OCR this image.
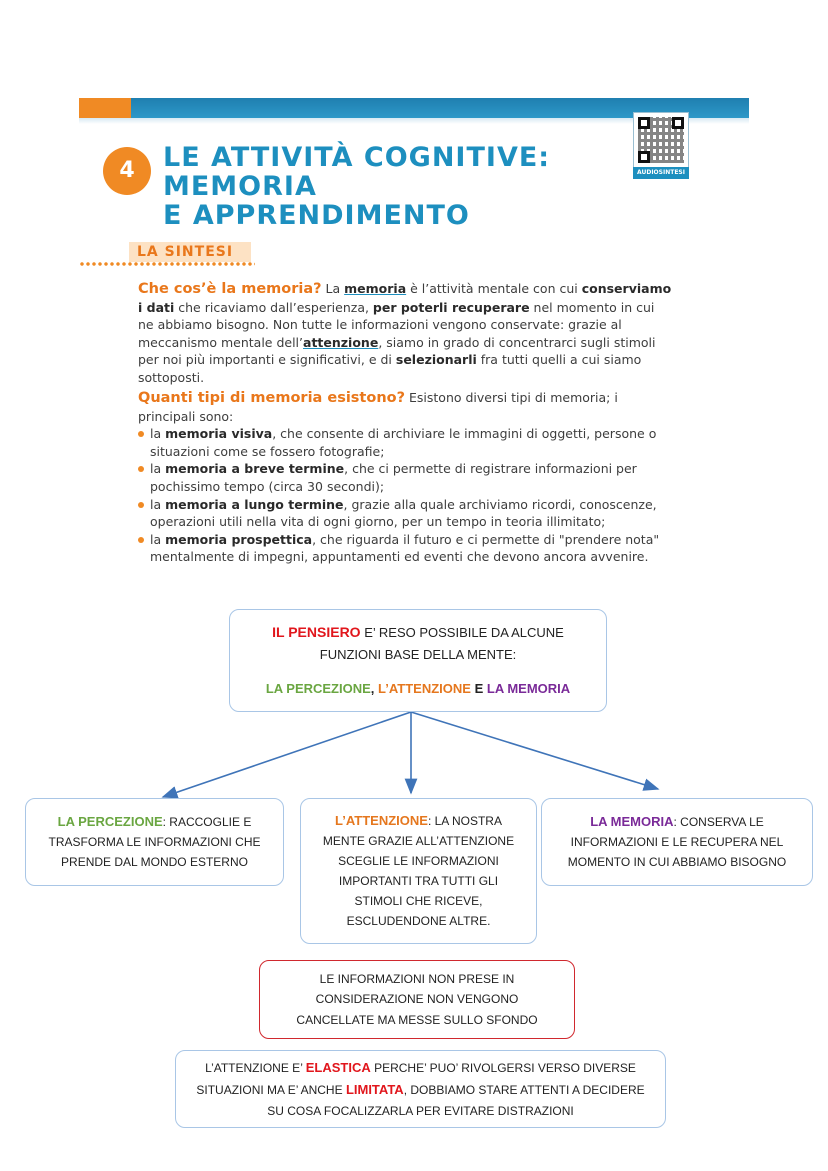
4	LE ATTIVITÀ COGNITIVE:
MEMORIA
E APPRENDIMENTO
AUDIOSINTESI
LA SINTESI
Che cos’è la memoria? La memoria è l’attività mentale con cui conserviamo i dati che ricaviamo dall’esperienza, per poterli recuperare nel momento in cui ne abbiamo bisogno. Non tutte le informazioni vengono conservate: grazie al meccanismo mentale dell’attenzione, siamo in grado di concentrarci sugli stimoli per noi più importanti e significativi, e di selezionarli fra tutti quelli a cui siamo sottoposti.
Quanti tipi di memoria esistono? Esistono diversi tipi di memoria; i principali sono:
la memoria visiva, che consente di archiviare le immagini di oggetti, persone o situazioni come se fossero fotografie;
la memoria a breve termine, che ci permette di registrare informazioni per pochissimo tempo (circa 30 secondi);
la memoria a lungo termine, grazie alla quale archiviamo ricordi, conoscenze, operazioni utili nella vita di ogni giorno, per un tempo in teoria illimitato;
la memoria prospettica, che riguarda il futuro e ci permette di "prendere nota" mentalmente di impegni, appuntamenti ed eventi che devono ancora avvenire.

IL PENSIERO E’ RESO POSSIBILE DA ALCUNE FUNZIONI BASE DELLA MENTE:

LA PERCEZIONE, L’ATTENZIONE E LA MEMORIA

LA PERCEZIONE: RACCOGLIE E TRASFORMA LE INFORMAZIONI CHE PRENDE DAL MONDO ESTERNO

L’ATTENZIONE: LA NOSTRA MENTE GRAZIE ALL’ATTENZIONE SCEGLIE LE INFORMAZIONI IMPORTANTI TRA TUTTI GLI STIMOLI CHE RICEVE, ESCLUDENDONE ALTRE.

LA MEMORIA: CONSERVA LE INFORMAZIONI E LE RECUPERA NEL MOMENTO IN CUI ABBIAMO BISOGNO

LE INFORMAZIONI NON PRESE IN CONSIDERAZIONE NON VENGONO CANCELLATE MA MESSE SULLO SFONDO

L’ATTENZIONE E’ ELASTICA PERCHE’ PUO’ RIVOLGERSI VERSO DIVERSE SITUAZIONI MA E’ ANCHE LIMITATA, DOBBIAMO STARE ATTENTI A DECIDERE SU COSA FOCALIZZARLA PER EVITARE DISTRAZIONI
